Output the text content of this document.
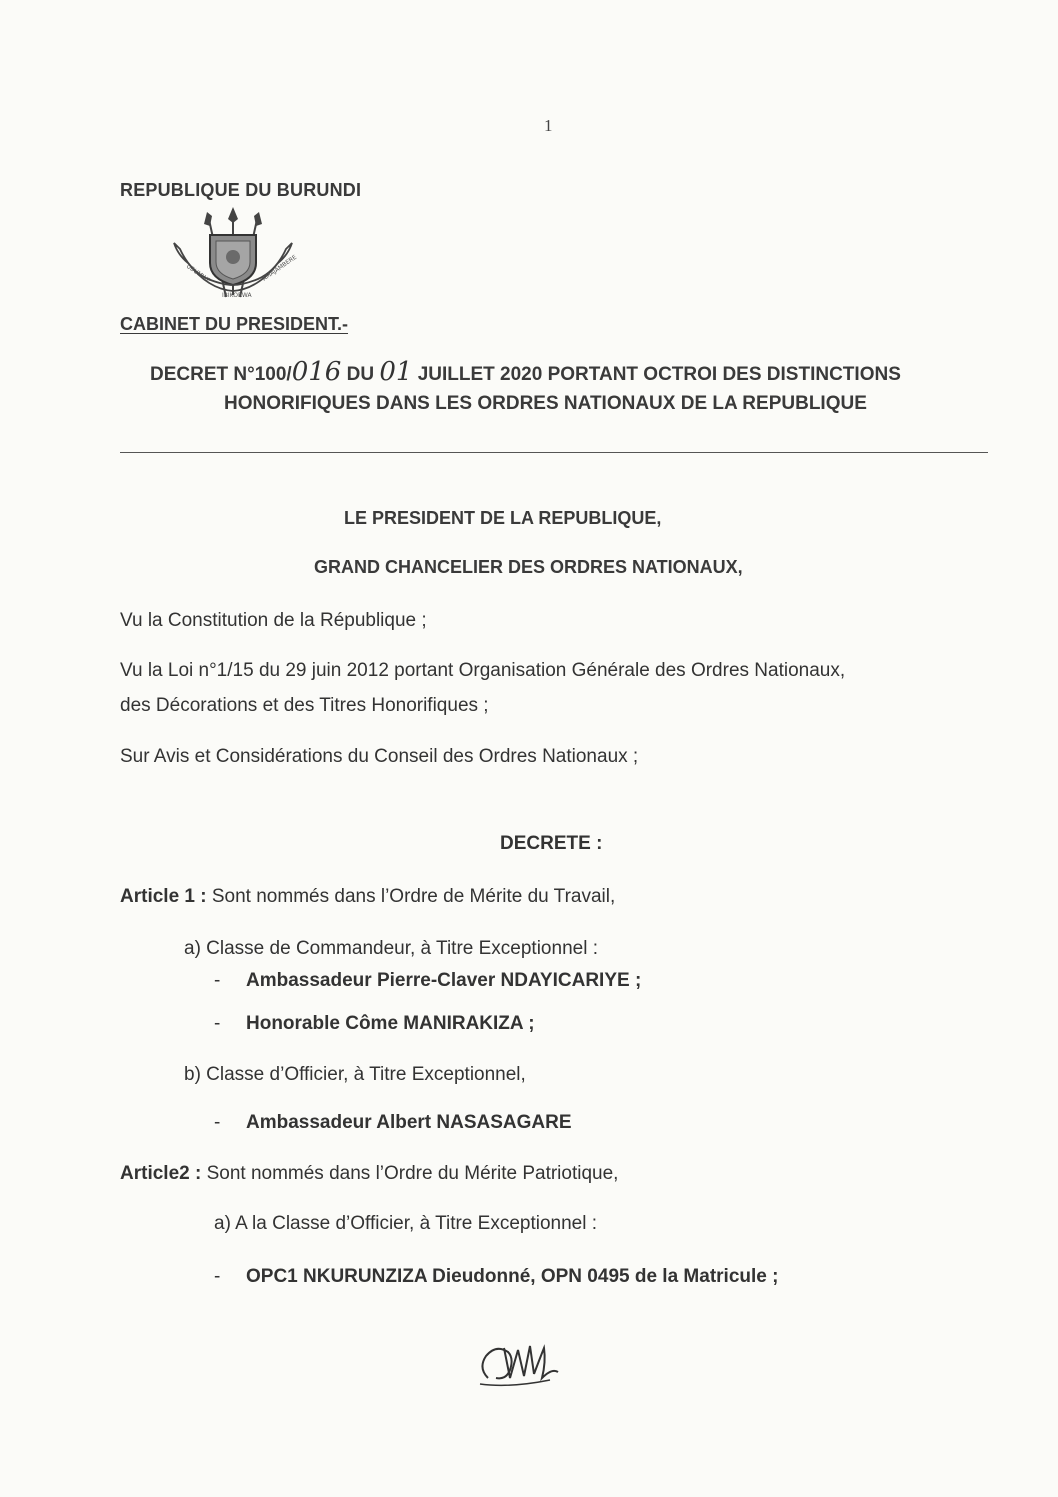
1
REPUBLIQUE DU BURUNDI
UBUMWE
IBIKORWA
AMAJAMBERE
CABINET DU PRESIDENT.-
DECRET N°100/016 DU 01 JUILLET 2020 PORTANT OCTROI DES DISTINCTIONS
HONORIFIQUES DANS LES ORDRES NATIONAUX DE LA REPUBLIQUE
LE PRESIDENT DE LA REPUBLIQUE,
GRAND CHANCELIER DES ORDRES NATIONAUX,
Vu la Constitution de la République ;
Vu la Loi n°1/15 du 29 juin 2012 portant Organisation Générale des Ordres Nationaux,
des Décorations et des Titres Honorifiques ;
Sur Avis et Considérations du Conseil des Ordres Nationaux ;
DECRETE :
Article 1 : Sont nommés dans l’Ordre de Mérite du Travail,
a) Classe de Commandeur, à Titre Exceptionnel :
- Ambassadeur Pierre-Claver NDAYICARIYE ;
- Honorable Côme MANIRAKIZA ;
b) Classe d’Officier, à Titre Exceptionnel,
- Ambassadeur Albert NASASAGARE
Article2 : Sont nommés dans l’Ordre du Mérite Patriotique,
a) A la Classe d’Officier, à Titre Exceptionnel :
- OPC1 NKURUNZIZA Dieudonné, OPN 0495 de la Matricule ;
